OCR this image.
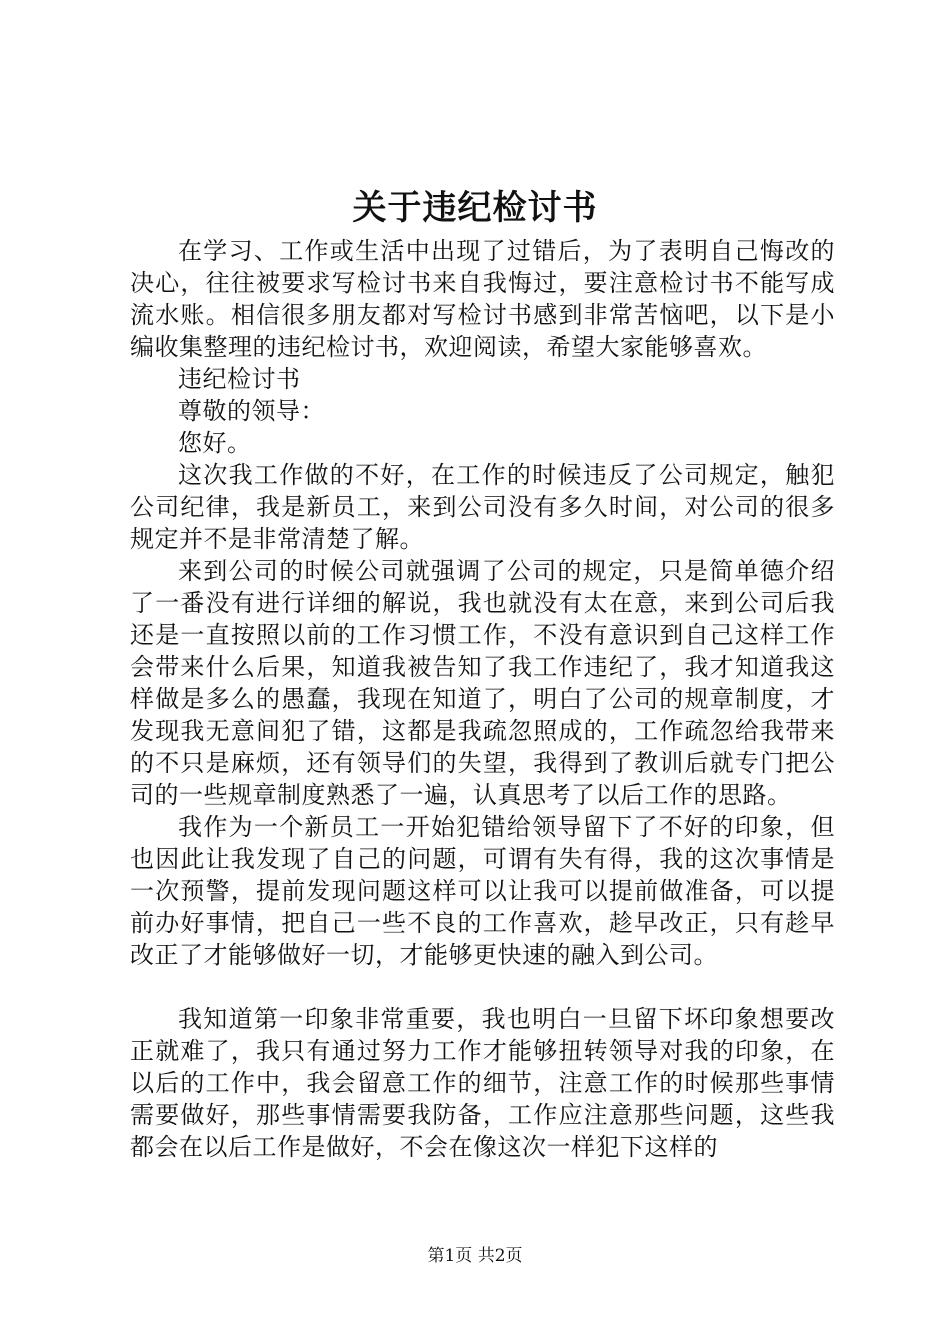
关于违纪检讨书

在学习、工作或生活中出现了过错后，为了表明自己悔改的决心，往往被要求写检讨书来自我悔过，要注意检讨书不能写成流水账。相信很多朋友都对写检讨书感到非常苦恼吧，以下是小编收集整理的违纪检讨书，欢迎阅读，希望大家能够喜欢。

违纪检讨书

尊敬的领导：

您好。

这次我工作做的不好，在工作的时候违反了公司规定，触犯公司纪律，我是新员工，来到公司没有多久时间，对公司的很多规定并不是非常清楚了解。

来到公司的时候公司就强调了公司的规定，只是简单德介绍了一番没有进行详细的解说，我也就没有太在意，来到公司后我还是一直按照以前的工作习惯工作，不没有意识到自己这样工作会带来什么后果，知道我被告知了我工作违纪了，我才知道我这样做是多么的愚蠢，我现在知道了，明白了公司的规章制度，才发现我无意间犯了错，这都是我疏忽照成的，工作疏忽给我带来的不只是麻烦，还有领导们的失望，我得到了教训后就专门把公司的一些规章制度熟悉了一遍，认真思考了以后工作的思路。

我作为一个新员工一开始犯错给领导留下了不好的印象，但也因此让我发现了自己的问题，可谓有失有得，我的这次事情是一次预警，提前发现问题这样可以让我可以提前做准备，可以提前办好事情，把自己一些不良的工作喜欢，趁早改正，只有趁早改正了才能够做好一切，才能够更快速的融入到公司。

我知道第一印象非常重要，我也明白一旦留下坏印象想要改正就难了，我只有通过努力工作才能够扭转领导对我的印象，在以后的工作中，我会留意工作的细节，注意工作的时候那些事情需要做好，那些事情需要我防备，工作应注意那些问题，这些我都会在以后工作是做好，不会在像这次一样犯下这样的

第1页 共2页
